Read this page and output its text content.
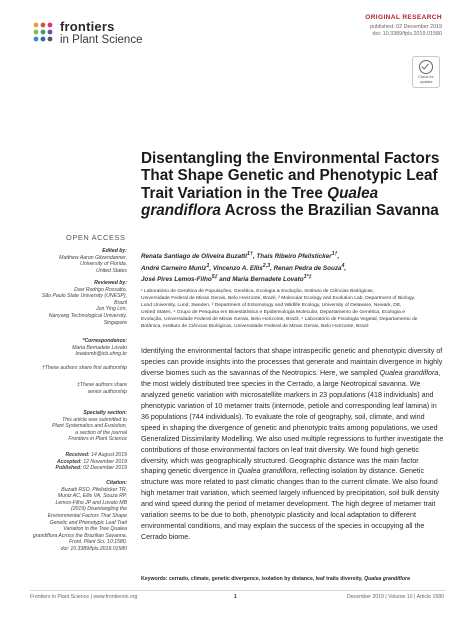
frontiers
in Plant Science
ORIGINAL RESEARCH
published: 02 December 2019
doi: 10.3389/fpls.2019.01580
Check for
updates
Disentangling the Environmental Factors That Shape Genetic and Phenotypic Leaf Trait Variation in the Tree Qualea grandiflora Across the Brazilian Savanna
OPEN ACCESS
Renata Santiago de Oliveira Buzatti$^{1\dagger}$, Thais Ribeiro Pfeilsticker$^{1\dagger}$,
André Carneiro Muniz$^1$, Vincenzo A. Ellis$^{2,3}$, Renan Pedra de Souza$^4$,
José Pires Lemos-Filho$^{5\ddagger}$ and Maria Bernadete Lovato$^{1*\ddagger}$
¹ Laboratório de Genética de Populações, Genética, Ecologia & Evolução, Instituto de Ciências Biológicas,
Universidade Federal de Minas Gerais, Belo Horizonte, Brazil, ² Molecular Ecology and Evolution Lab, Department of Biology,
Lund University, Lund, Sweden, ³ Department of Entomology and Wildlife Ecology, University of Delaware, Newark, DE,
United States, ⁴ Grupo de Pesquisa em Bioestatística e Epidemiologia Molecular, Departamento de Genética, Ecologia e
Evolução, Universidade Federal de Minas Gerais, Belo Horizonte, Brazil, ⁵ Laboratório de Fisiologia Vegetal, Departamento de
Botânica, Instituto de Ciências Biológicas, Universidade Federal de Minas Gerais, Belo Horizonte, Brazil
Identifying the environmental factors that shape intraspecific genetic and phenotypic diversity of species can provide insights into the processes that generate and maintain divergence in highly diverse biomes such as the savannas of the Neotropics. Here, we sampled Qualea grandiflora, the most widely distributed tree species in the Cerrado, a large Neotropical savanna. We analyzed genetic variation with microsatellite markers in 23 populations (418 individuals) and phenotypic variation of 10 metamer traits (internode, petiole and corresponding leaf lamina) in 36 populations (744 individuals). To evaluate the role of geography, soil, climate, and wind speed in shaping the divergence of genetic and phenotypic traits among populations, we used Generalized Dissimilarity Modelling. We also used multiple regressions to further investigate the contributions of those environmental factors on leaf trait diversity. We found high genetic diversity, which was geographically structured. Geographic distance was the main factor shaping genetic divergence in Qualea grandiflora, reflecting isolation by distance. Genetic structure was more related to past climatic changes than to the current climate. We also found high metamer trait variation, which seemed largely influenced by precipitation, soil bulk density and wind speed during the period of metamer development. The high degree of metamer trait variation seems to be due to both, phenotypic plasticity and local adaptation to different environmental conditions, and may explain the success of the species in occupying all the Cerrado biome.
Keywords: cerrado, climate, genetic divergence, isolation by distance, leaf traits diversity, Qualea grandiflora
Edited by:
Matthew Aaron Gitzendanner,
University of Florida,
United States
Reviewed by:
Davi Rodrigo Rossatto,
São Paulo State University (UNESP),
Brazil
Jun Ying Lim,
Nanyang Technological University,
Singapore
*Correspondence:
Maria Bernadete Lovato
lovatomb@icb.ufmg.br
†These authors share first authorship
‡These authors share
senior authorship
Specialty section:
This article was submitted to
Plant Systematics and Evolution,
a section of the journal
Frontiers in Plant Science
Received: 14 August 2019
Accepted: 12 November 2019
Published: 02 December 2019
Citation:
Buzatti RSO, Pfeilsticker TR,
Muniz AC, Ellis VA, Souza RP,
Lemos-Filho JP and Lovato MB
(2019) Disentangling the
Environmental Factors That Shape
Genetic and Phenotypic Leaf Trait
Variation in the Tree Qualea
grandiflora Across the Brazilian Savanna.
Front. Plant Sci. 10:1580.
doi: 10.3389/fpls.2019.01580
Frontiers in Plant Science | www.frontiersin.org	1	December 2019 | Volume 10 | Article 1580
